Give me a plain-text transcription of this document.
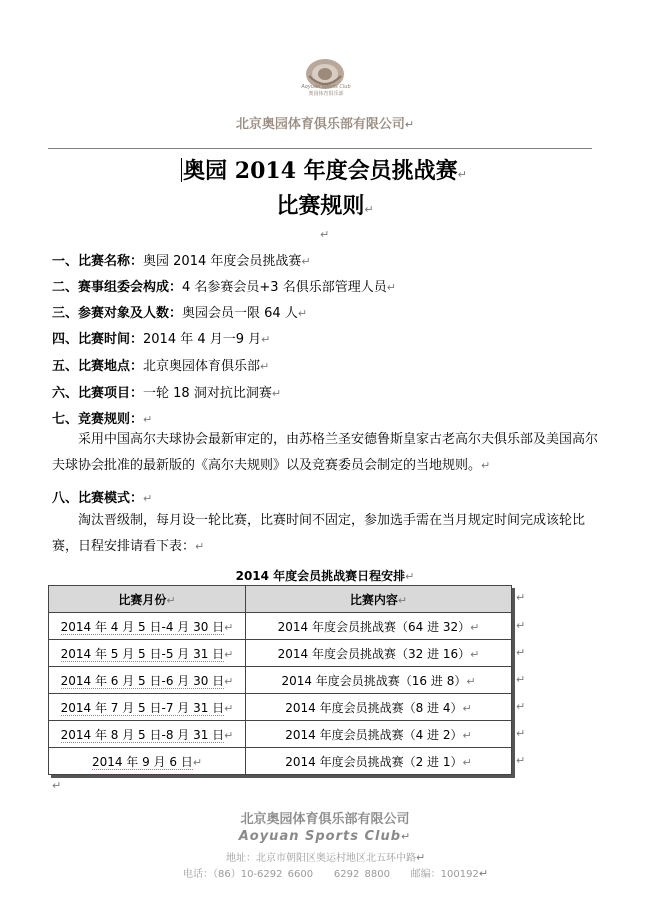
Aoyuan Sports Club
奥园体育俱乐部
北京奥园体育俱乐部有限公司↵
奥园 2014 年度会员挑战赛↵
比赛规则↵
↵
一、比赛名称：奥园 2014 年度会员挑战赛↵
二、赛事组委会构成：4 名参赛会员+3 名俱乐部管理人员↵
三、参赛对象及人数：奥园会员一限 64 人↵
四、比赛时间：2014 年 4 月一9 月↵
五、比赛地点：北京奥园体育俱乐部↵
六、比赛项目：一轮 18 洞对抗比洞赛↵
七、竞赛规则：↵
采用中国高尔夫球协会最新审定的，由苏格兰圣安德鲁斯皇家古老高尔夫俱乐部及美国高尔夫球协会批准的最新版的《高尔夫规则》以及竞赛委员会制定的当地规则。↵
八、比赛模式：↵
淘汰晋级制，每月设一轮比赛，比赛时间不固定，参加选手需在当月规定时间完成该轮比赛，日程安排请看下表：↵
2014 年度会员挑战赛日程安排↵
比赛月份↵	比赛内容↵
2014 年 4 月 5 日-4 月 30 日↵	2014 年度会员挑战赛（64 进 32）↵
2014 年 5 月 5 日-5 月 31 日↵	2014 年度会员挑战赛（32 进 16）↵
2014 年 6 月 5 日-6 月 30 日↵	2014 年度会员挑战赛（16 进 8）↵
2014 年 7 月 5 日-7 月 31 日↵	2014 年度会员挑战赛（8 进 4）↵
2014 年 8 月 5 日-8 月 31 日↵	2014 年度会员挑战赛（4 进 2）↵
2014 年 9 月 6 日↵	2014 年度会员挑战赛（2 进 1）↵
↵
↵
↵
↵
↵
↵
↵
↵
北京奥园体育俱乐部有限公司
Aoyuan Sports Club↵
地址：北京市朝阳区奥运村地区北五环中路↵
电话：（86）10-6292 6600 6292 8800 邮编：100192↵
